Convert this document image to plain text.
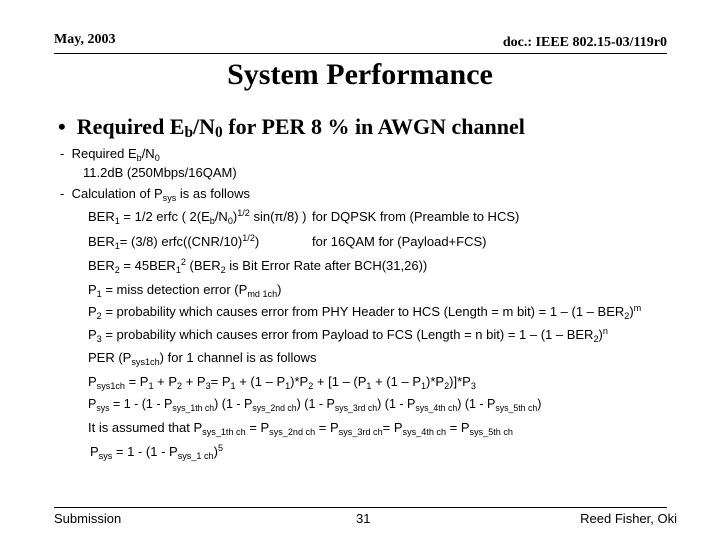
May, 2003	doc.: IEEE 802.15-03/119r0
System Performance
• Required $E_b/N_0$ for PER 8 % in AWGN channel
- Required $E_b/N_0$
11.2dB (250Mbps/16QAM)
- Calculation of $P_{sys}$ is as follows
$BER_1 = 1/2$ erfc ( $2(E_b/N_0)^{1/2}$ sin(π/8) ) for DQPSK from (Preamble to HCS)
$BER_1= (3/8)$ $erfc((CNR/10)^{1/2})$	for 16QAM for (Payload+FCS)
$BER_2 = 45BER_1^2$ ($BER_2$ is Bit Error Rate after BCH(31,26))
$P_1$ = miss detection error $(P_{md 1ch})$
$P_2$ = probability which causes error from PHY Header to HCS (Length = m $bit) = 1 - (1 - BER_2)^m$
$P_3$ = probability which causes error from Payload to FCS (Length = n $bit) = 1 - (1 - BER_2)^n$
PER $(P_{sys1ch})$ for 1 channel is as follows
$P_{sys1ch} = P_1 + P_2 + P_3= P_1 + (1 - P_1)*P_2 + [1 - (P_1 + (1 - P_1)*P_2)]*P_3$
$P_{sys} = 1 - (1 - P_{sys\_1th ch})$ $(1 - P_{sys\_2nd ch})$ $(1 - P_{sys\_3rd ch})$ $(1 - P_{sys\_4th ch})$ $(1 - P_{sys\_5th ch})$
It is assumed that $P_{sys\_1th ch} = P_{sys\_2nd ch} = P_{sys\_3rd ch}= P_{sys\_4th ch} = P_{sys\_5th ch}$
$P_{sys} = 1 - (1 - P_{sys\_1 ch})^5$
Submission	31	Reed Fisher, Oki
